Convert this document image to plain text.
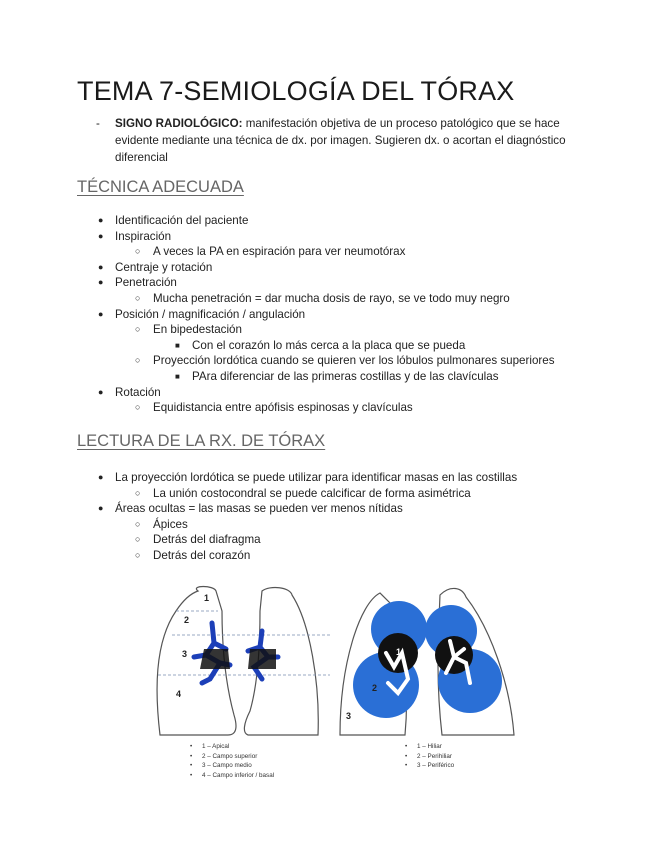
TEMA 7-SEMIOLOGÍA DEL TÓRAX
- SIGNO RADIOLÓGICO: manifestación objetiva de un proceso patológico que se hace
evidente mediante una técnica de dx. por imagen. Sugieren dx. o acortan el diagnóstico
diferencial
TÉCNICA ADECUADA
●
Identificación del paciente
●
Inspiración
○
A veces la PA en espiración para ver neumotórax
●
Centraje y rotación
●
Penetración
○
Mucha penetración = dar mucha dosis de rayo, se ve todo muy negro
●
Posición / magnificación / angulación
○
En bipedestación
■
Con el corazón lo más cerca a la placa que se pueda
○
Proyección lordótica cuando se quieren ver los lóbulos pulmonares superiores
■
PAra diferenciar de las primeras costillas y de las clavículas
●
Rotación
○
Equidistancia entre apófisis espinosas y clavículas
LECTURA DE LA RX. DE TÓRAX
●
La proyección lordótica se puede utilizar para identificar masas en las costillas
○
La unión costocondral se puede calcificar de forma asimétrica
●
Áreas ocultas = las masas se pueden ver menos nítidas
○
Ápices
○
Detrás del diafragma
○
Detrás del corazón
1
2
3
4
1
2
3
• 1 – Apical
• 2 – Campo superior
• 3 – Campo medio
• 4 – Campo inferior / basal
• 1 – Hiliar
• 2 – Perihiliar
• 3 – Periférico
